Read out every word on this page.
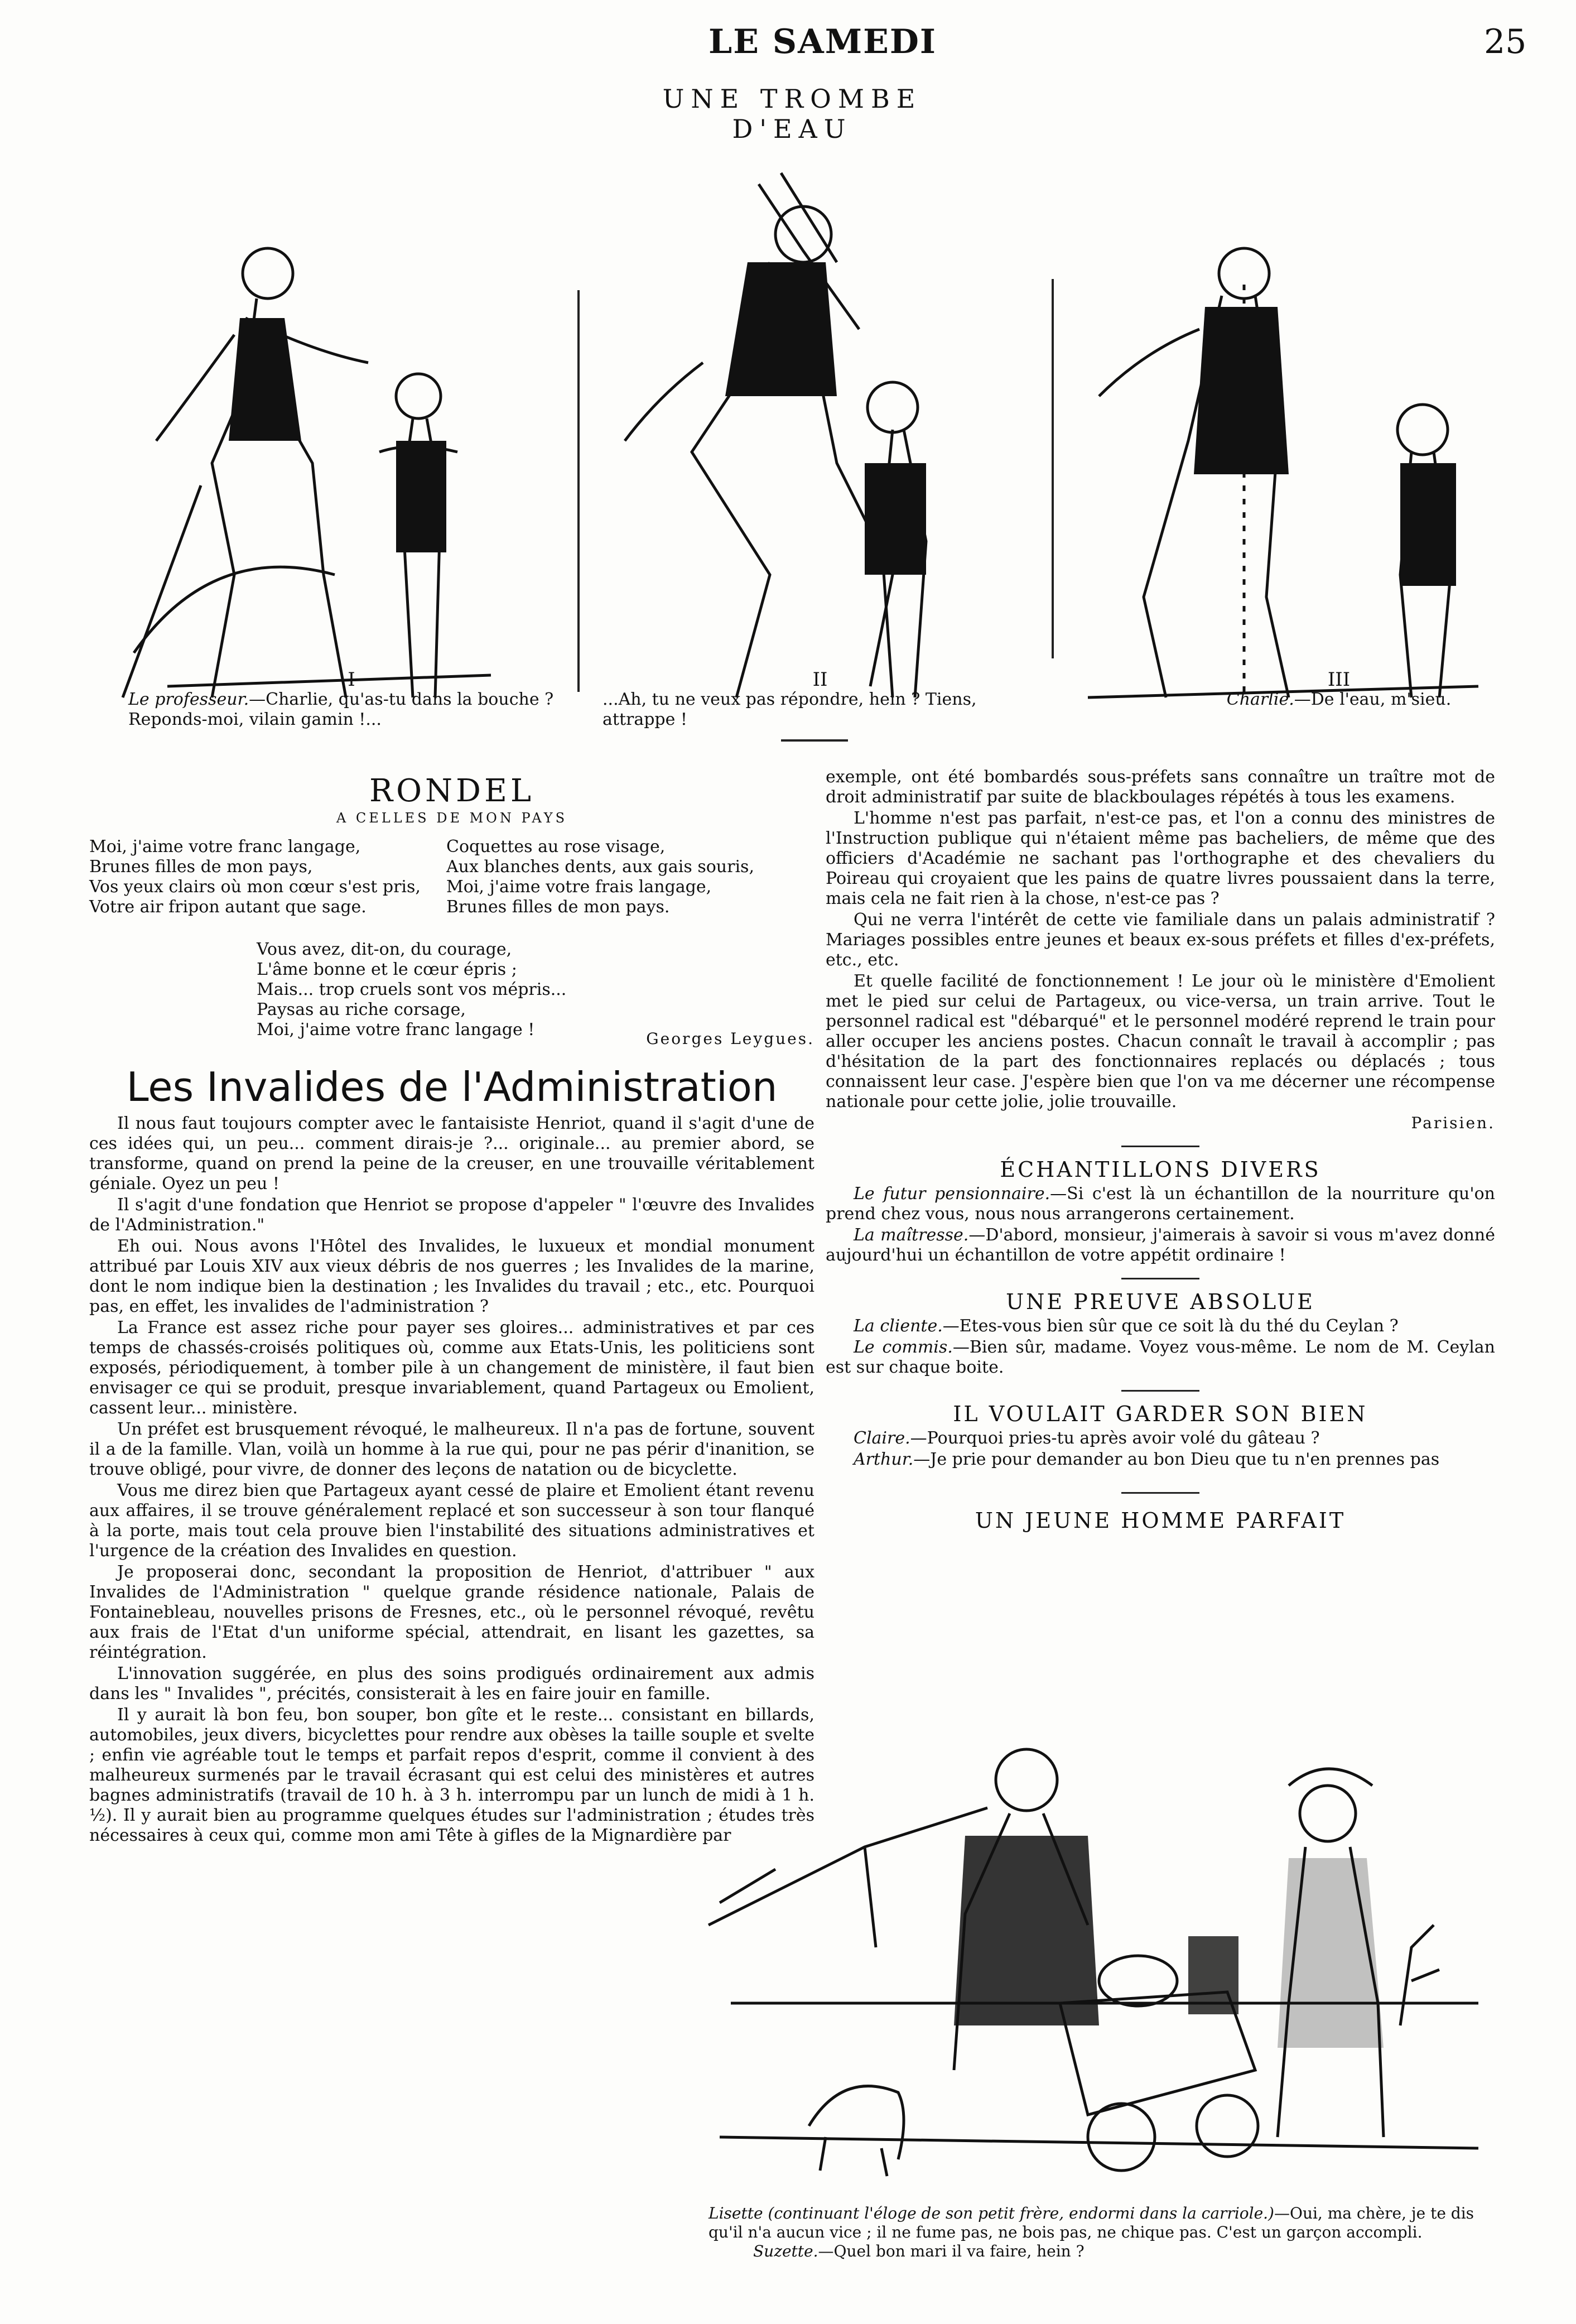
LE SAMEDI	25
UNE TROMBE D'EAU
I
Le professeur.—Charlie, qu'as-tu dans la bouche ? Reponds-moi, vilain gamin !...
II
...Ah, tu ne veux pas répondre, hein ? Tiens, attrappe !
III
Charlie.—De l'eau, m'sieu.
RONDEL
A CELLES DE MON PAYS
Moi, j'aime votre franc langage,
Brunes filles de mon pays,
Vos yeux clairs où mon cœur s'est pris,
Votre air fripon autant que sage.
Coquettes au rose visage,
Aux blanches dents, aux gais souris,
Moi, j'aime votre frais langage,
Brunes filles de mon pays.
Vous avez, dit-on, du courage,
L'âme bonne et le cœur épris ;
Mais... trop cruels sont vos mépris...
Paysas au riche corsage,
Moi, j'aime votre franc langage !	Georges Leygues.
Les Invalides de l'Administration

Il nous faut toujours compter avec le fantaisiste Henriot, quand il s'agit d'une de ces idées qui, un peu... comment dirais-je ?... originale... au premier abord, se transforme, quand on prend la peine de la creuser, en une trouvaille véritablement géniale. Oyez un peu !

Il s'agit d'une fondation que Henriot se propose d'appeler " l'œuvre des Invalides de l'Administration."

Eh oui. Nous avons l'Hôtel des Invalides, le luxueux et mondial monument attribué par Louis XIV aux vieux débris de nos guerres ; les Invalides de la marine, dont le nom indique bien la destination ; les Invalides du travail ; etc., etc. Pourquoi pas, en effet, les invalides de l'administration ?

La France est assez riche pour payer ses gloires... administratives et par ces temps de chassés-croisés politiques où, comme aux Etats-Unis, les politiciens sont exposés, périodiquement, à tomber pile à un changement de ministère, il faut bien envisager ce qui se produit, presque invariablement, quand Partageux ou Emolient, cassent leur... ministère.

Un préfet est brusquement révoqué, le malheureux. Il n'a pas de fortune, souvent il a de la famille. Vlan, voilà un homme à la rue qui, pour ne pas périr d'inanition, se trouve obligé, pour vivre, de donner des leçons de natation ou de bicyclette.

Vous me direz bien que Partageux ayant cessé de plaire et Emolient étant revenu aux affaires, il se trouve généralement replacé et son successeur à son tour flanqué à la porte, mais tout cela prouve bien l'instabilité des situations administratives et l'urgence de la création des Invalides en question.

Je proposerai donc, secondant la proposition de Henriot, d'attribuer " aux Invalides de l'Administration " quelque grande résidence nationale, Palais de Fontainebleau, nouvelles prisons de Fresnes, etc., où le personnel révoqué, revêtu aux frais de l'Etat d'un uniforme spécial, attendrait, en lisant les gazettes, sa réintégration.

L'innovation suggérée, en plus des soins prodigués ordinairement aux admis dans les " Invalides ", précités, consisterait à les en faire jouir en famille.

Il y aurait là bon feu, bon souper, bon gîte et le reste... consistant en billards, automobiles, jeux divers, bicyclettes pour rendre aux obèses la taille souple et svelte ; enfin vie agréable tout le temps et parfait repos d'esprit, comme il convient à des malheureux surmenés par le travail écrasant qui est celui des ministères et autres bagnes administratifs (travail de 10 h. à 3 h. interrompu par un lunch de midi à 1 h. ½). Il y aurait bien au programme quelques études sur l'administration ; études très nécessaires à ceux qui, comme mon ami Tête à gifles de la Mignardière par

exemple, ont été bombardés sous-préfets sans connaître un traître mot de droit administratif par suite de blackboulages répétés à tous les examens.

L'homme n'est pas parfait, n'est-ce pas, et l'on a connu des ministres de l'Instruction publique qui n'étaient même pas bacheliers, de même que des officiers d'Académie ne sachant pas l'orthographe et des chevaliers du Poireau qui croyaient que les pains de quatre livres poussaient dans la terre, mais cela ne fait rien à la chose, n'est-ce pas ?

Qui ne verra l'intérêt de cette vie familiale dans un palais administratif ? Mariages possibles entre jeunes et beaux ex-sous préfets et filles d'ex-préfets, etc., etc.

Et quelle facilité de fonctionnement ! Le jour où le ministère d'Emolient met le pied sur celui de Partageux, ou vice-versa, un train arrive. Tout le personnel radical est "débarqué" et le personnel modéré reprend le train pour aller occuper les anciens postes. Chacun connaît le travail à accomplir ; pas d'hésitation de la part des fonctionnaires replacés ou déplacés ; tous connaissent leur case. J'espère bien que l'on va me décerner une récompense nationale pour cette jolie, jolie trouvaille.

Parisien.
ÉCHANTILLONS DIVERS

Le futur pensionnaire.—Si c'est là un échantillon de la nourriture qu'on prend chez vous, nous nous arrangerons certainement.

La maîtresse.—D'abord, monsieur, j'aimerais à savoir si vous m'avez donné aujourd'hui un échantillon de votre appétit ordinaire !

UNE PREUVE ABSOLUE

La cliente.—Etes-vous bien sûr que ce soit là du thé du Ceylan ?

Le commis.—Bien sûr, madame. Voyez vous-même. Le nom de M. Ceylan est sur chaque boite.

IL VOULAIT GARDER SON BIEN

Claire.—Pourquoi pries-tu après avoir volé du gâteau ?

Arthur.—Je prie pour demander au bon Dieu que tu n'en prennes pas

UN JEUNE HOMME PARFAIT
Lisette (continuant l'éloge de son petit frère, endormi dans la carriole.)—Oui, ma chère, je te dis qu'il n'a aucun vice ; il ne fume pas, ne bois pas, ne chique pas. C'est un garçon accompli.
Suzette.—Quel bon mari il va faire, hein ?
